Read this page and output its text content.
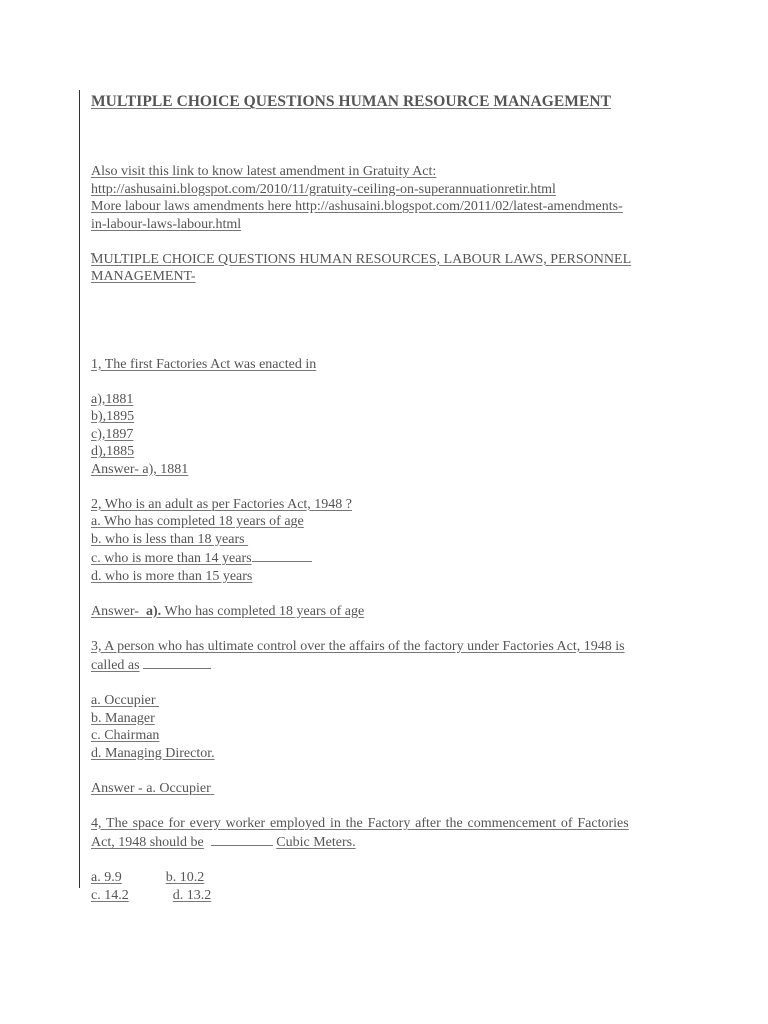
MULTIPLE CHOICE QUESTIONS HUMAN RESOURCE MANAGEMENT
Also visit this link to know latest amendment in Gratuity Act:
http://ashusaini.blogspot.com/2010/11/gratuity-ceiling-on-superannuationretir.html
More labour laws amendments here http://ashusaini.blogspot.com/2011/02/latest-amendments-
in-labour-laws-labour.html

MULTIPLE CHOICE QUESTIONS HUMAN RESOURCES, LABOUR LAWS, PERSONNEL
MANAGEMENT-
1, The first Factories Act was enacted in
a),1881
b),1895
c),1897
d),1885
Answer- a), 1881
2, Who is an adult as per Factories Act, 1948 ?
a. Who has completed 18 years of age
b. who is less than 18 years
c. who is more than 14 years
d. who is more than 15 years
Answer- a). Who has completed 18 years of age
3, A person who has ultimate control over the affairs of the factory under Factories Act, 1948 is
called as
a. Occupier
b. Manager
c. Chairman
d. Managing Director.
Answer - a. Occupier
4, The space for every worker employed in the Factory after the commencement of Factories
Act, 1948 should be	Cubic Meters.
a. 9.9	b. 10.2
c. 14.2	d. 13.2
